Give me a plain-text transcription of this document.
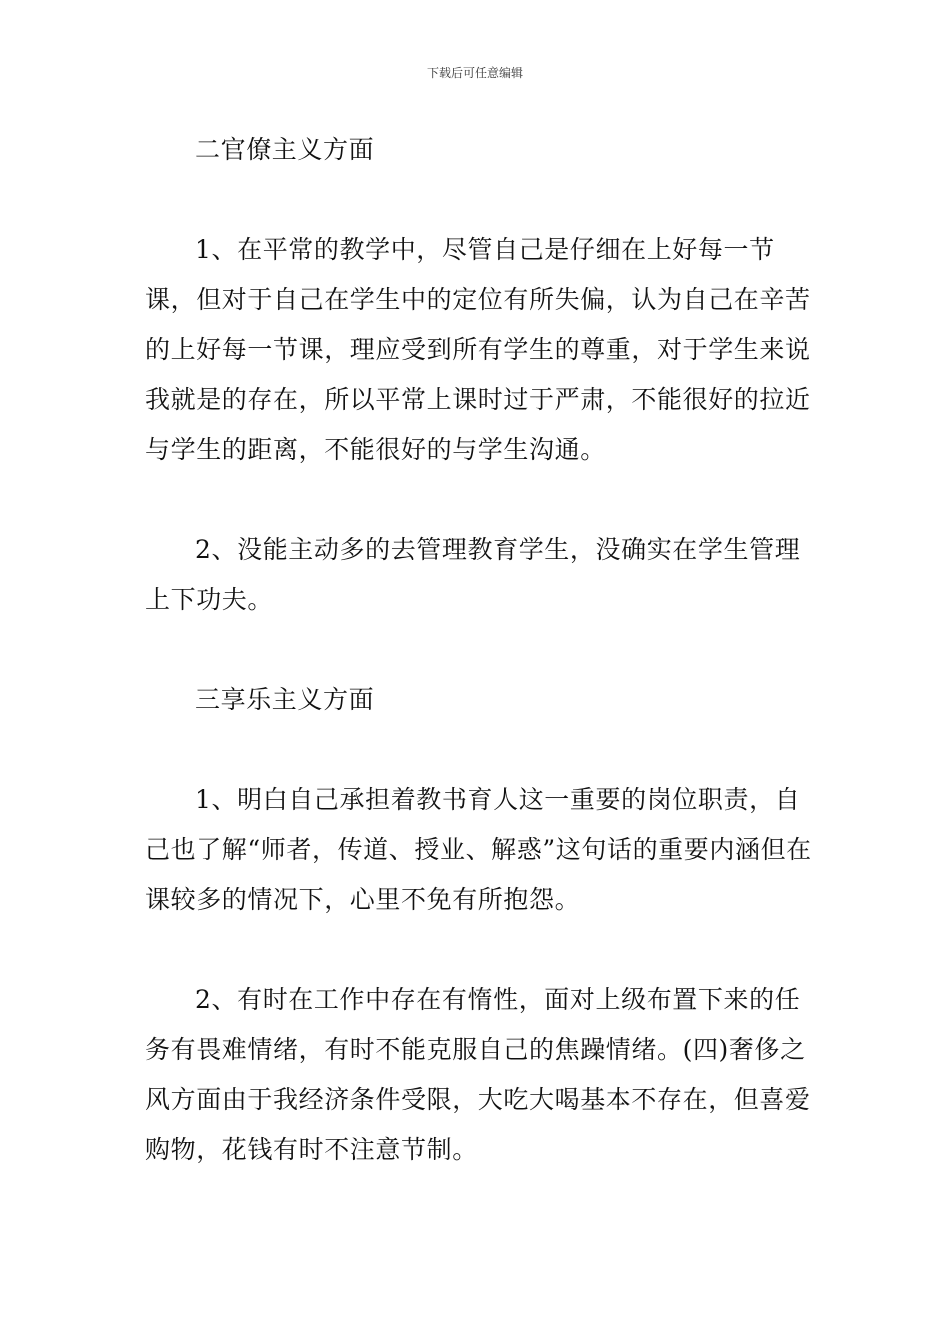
下载后可任意编辑

二官僚主义方面

1、在平常的教学中，尽管自己是仔细在上好每一节课，但对于自己在学生中的定位有所失偏，认为自己在辛苦的上好每一节课，理应受到所有学生的尊重，对于学生来说我就是的存在，所以平常上课时过于严肃，不能很好的拉近与学生的距离，不能很好的与学生沟通。

2、没能主动多的去管理教育学生，没确实在学生管理上下功夫。

三享乐主义方面

1、明白自己承担着教书育人这一重要的岗位职责，自己也了解“师者，传道、授业、解惑”这句话的重要内涵但在课较多的情况下，心里不免有所抱怨。

2、有时在工作中存在有惰性，面对上级布置下来的任务有畏难情绪，有时不能克服自己的焦躁情绪。(四)奢侈之风方面由于我经济条件受限，大吃大喝基本不存在，但喜爱购物，花钱有时不注意节制。
